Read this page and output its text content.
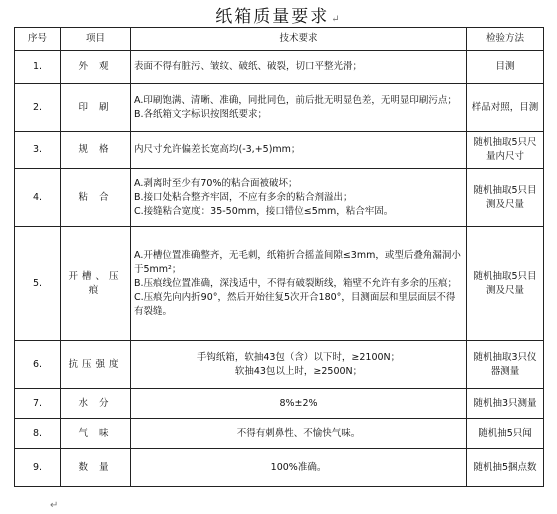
纸箱质量要求 ↵
序号	项目	技术要求	检验方法
1.	外 观	表面不得有脏污、皱纹、破纸、破裂，切口平整光滑；	目测
2.	印 刷	A.印刷饱满、清晰、准确，同批同色，前后批无明显色差，无明显印刷污点；
B.各纸箱文字标识按图纸要求；	样品对照，目测
3.	规 格	内尺寸允许偏差长宽高均(-3,+5)mm；	随机抽取5只尺量内尺寸
4.	粘 合	A.剥离时至少有70%的粘合面被破坏；
B.接口处粘合整齐牢固，不应有多余的粘合剂溢出；
C.接缝粘合宽度：35-50mm，接口错位≤5mm，粘合牢固。	随机抽取5只目测及尺量
5.	开槽、压痕	A.开槽位置准确整齐，无毛刺，纸箱折合摇盖间隙≤3mm，或型后叠角漏洞小于5mm²；
B.压痕线位置准确，深浅适中，不得有破裂断线，箱壁不允许有多余的压痕；
C.压痕先向内折90°，然后开始往复5次开合180°，目测面层和里层面层不得有裂缝。	随机抽取5只目测及尺量
6.	抗压强度	手钩纸箱，软抽43包（含）以下时，≥2100N；
软抽43包以上时，≥2500N；	随机抽取3只仪器测量
7.	水 分	8%±2%	随机抽3只测量
8.	气 味	不得有刺鼻性、不愉快气味。	随机抽5只闻
9.	数 量	100%准确。	随机抽5捆点数
↵
